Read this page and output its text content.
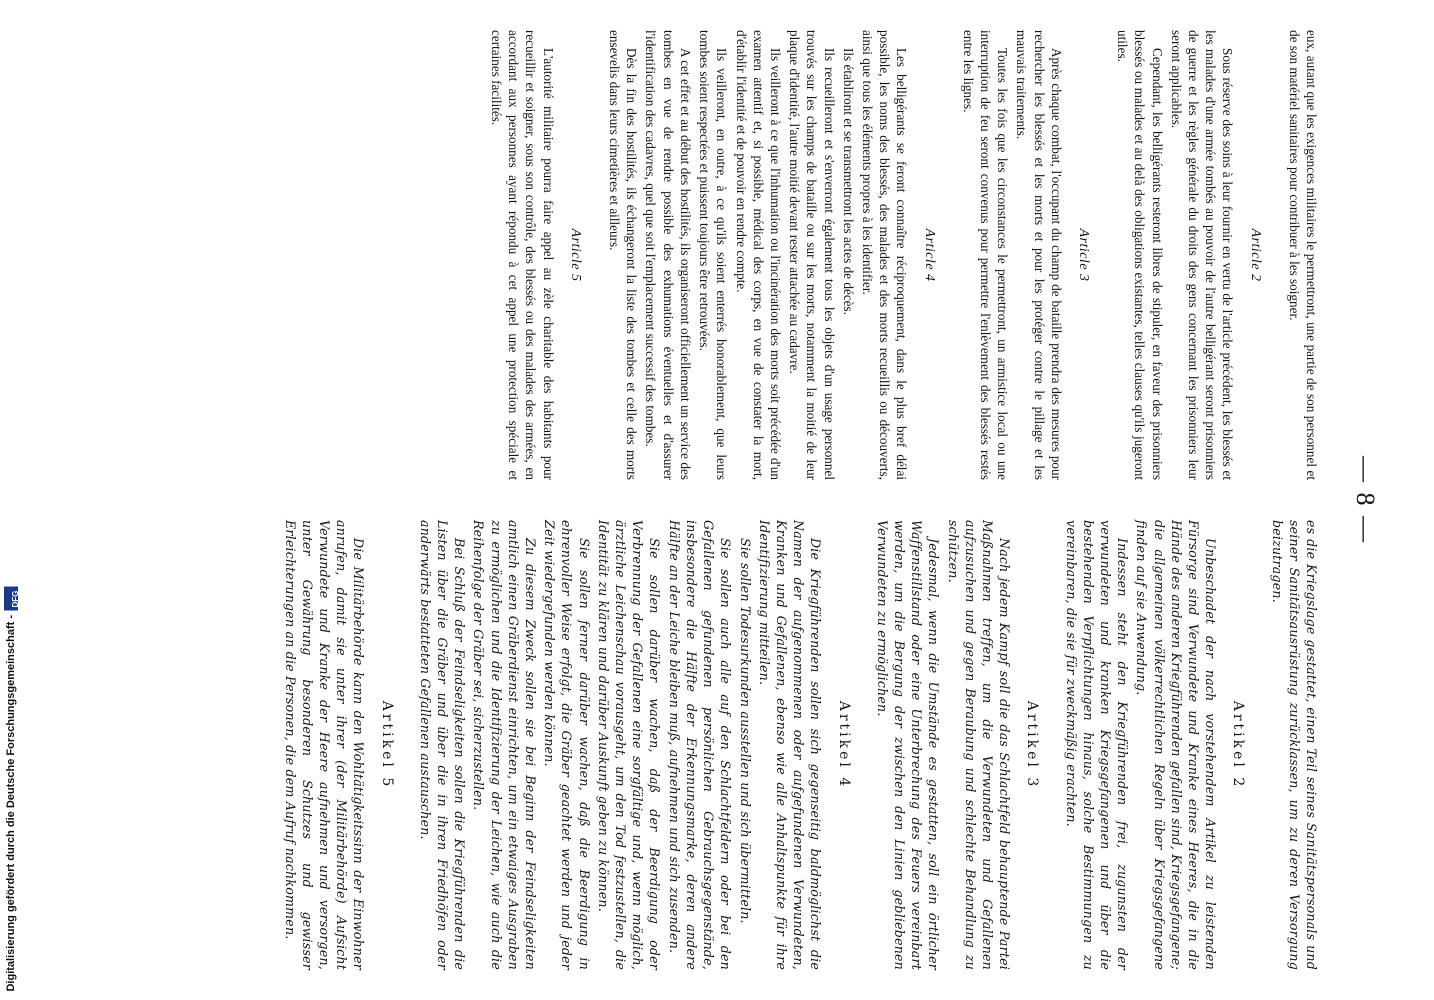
— 8 —

eux, autant que les exigences militaires le permettront, une partie de son personnel et de son matériel sanitaires pour contribuer à les soigner.

Article 2

Sous réserve des soins à leur fournir en vertu de l'article précédent, les blessés et les malades d'une armée tombés au pouvoir de l'autre belligérant seront prisonniers de guerre et les règles générale du droits des gens concernant les prisonniers leur seront applicables.

Cependant, les belligérants resteront libres de stipuler, en faveur des prisonniers blessés ou malades et au delà des obligations existantes, telles clauses qu'ils jugeront utiles.

Article 3

Après chaque combat, l'occupant du champ de bataille prendra des mesures pour rechercher les blessés et les morts et pour les protéger contre le pillage et les mauvais traitements.

Toutes les fois que les circonstances le permettront, un armistice local ou une interruption de feu seront convenus pour permettre l'enlèvement des blessés restés entre les lignes.

Article 4

Les belligérants se feront connaître réciproquement, dans le plus bref délai possible, les noms des blessés, des malades et des morts recueillis ou découverts, ainsi que tous les éléments propres à les identifier.

Ils établiront et se transmettront les actes de décès.

Ils recueilleront et s'enverront également tous les objets d'un usage personnel trouvés sur les champs de bataille ou sur les morts, notamment la moitié de leur plaque d'identité, l'autre moitié devant rester attachée au cadavre.

Ils veilleront à ce que l'inhumation ou l'incinération des morts soit précédée d'un examen attentif et, si possible, médical des corps, en vue de constater la mort, d'établir l'identité et de pouvoir en rendre compte.

Ils veilleront, en outre, à ce qu'ils soient enterrés honorablement, que leurs tombes soient respectées et puissent toujours être retrouvées.

A cet effet et au début des hostilités, ils organiseront officiellement un service des tombes en vue de rendre possible des exhumations éventuelles et d'assurer l'identification des cadavres, quel que soit l'emplacement successif des tombes.

Dès la fin des hostilités, ils échangeront la liste des tombes et celle des morts ensevelis dans leurs cimetières et ailleurs.

Article 5

L'autorité militaire pourra faire appel au zèle charitable des habitants pour recueillir et soigner, sous son contrôle, des blessés ou des malades des armées, en accordant aux personnes ayant répondu à cet appel une protection spéciale et certaines facilités.

es die Kriegslage gestattet, einen Teil seines Sanitätspersonals und seiner Sanitätsausrüstung zurücklassen, um zu deren Versorgung beizutragen.

Artikel 2

Unbeschadet der nach vorstehendem Artikel zu leistenden Fürsorge sind Verwundete und Kranke eines Heeres, die in die Hände des anderen Kriegführenden gefallen sind, Kriegsgefangene; die allgemeinen völkerrechtlichen Regeln über Kriegsgefangene finden auf sie Anwendung.

Indessen steht den Kriegführenden frei, zugunsten der verwundeten und kranken Kriegsgefangenen und über die bestehenden Verpflichtungen hinaus, solche Bestimmungen zu vereinbaren, die sie für zweckmäßig erachten.

Artikel 3

Nach jedem Kampf soll die das Schlachtfeld behauptende Partei Maßnahmen treffen, um die Verwundeten und Gefallenen aufzusuchen und gegen Beraubung und schlechte Behandlung zu schützen.

Jedesmal, wenn die Umstände es gestatten, soll ein örtlicher Waffenstillstand oder eine Unterbrechung des Feuers vereinbart werden, um die Bergung der zwischen den Linien gebliebenen Verwundeten zu ermöglichen.

Artikel 4

Die Kriegführenden sollen sich gegenseitig baldmöglichst die Namen der aufgenommenen oder aufgefundenen Verwundeten, Kranken und Gefallenen, ebenso wie alle Anhaltspunkte für ihre Identifizierung mitteilen.

Sie sollen Todesurkunden ausstellen und sich übermitteln.

Sie sollen auch alle auf den Schlachtfeldern oder bei den Gefallenen gefundenen persönlichen Gebrauchsgegenstände, insbesondere die Hälfte der Erkennungsmarke, deren andere Hälfte an der Leiche bleiben muß, aufnehmen und sich zusenden.

Sie sollen darüber wachen, daß der Beerdigung oder Verbrennung der Gefallenen eine sorgfältige und, wenn möglich, ärztliche Leichenschau vorausgeht, um den Tod festzustellen, die Identität zu klären und darüber Auskunft geben zu können.

Sie sollen ferner darüber wachen, daß die Beerdigung in ehrenvoller Weise erfolgt, die Gräber geachtet werden und jeder Zeit wiedergefunden werden können.

Zu diesem Zweck sollen sie bei Beginn der Feindseligkeiten amtlich einen Gräberdienst einrichten, um ein etwaiges Ausgraben zu ermöglichen und die Identifizierung der Leichen, wie auch die Reihenfolge der Gräber sei, sicherzustellen.

Bei Schluß der Feindseligkeiten sollen die Kriegführenden die Listen über die Gräber und über die in ihren Friedhöfen oder anderwärts bestatteten Gefallenen austauschen.

Artikel 5

Die Militärbehörde kann den Wohltätigkeitssinn der Einwohner anrufen, damit sie unter ihrer (der Militärbehörde) Aufsicht Verwundete und Kranke der Heere aufnehmen und versorgen, unter Gewährung besonderen Schutzes und gewisser Erleichterungen an die Personen, die dem Aufruf nachkommen.

Digitalisierung gefördert durch die Deutsche Forschungsgemeinschaft -
DFG
